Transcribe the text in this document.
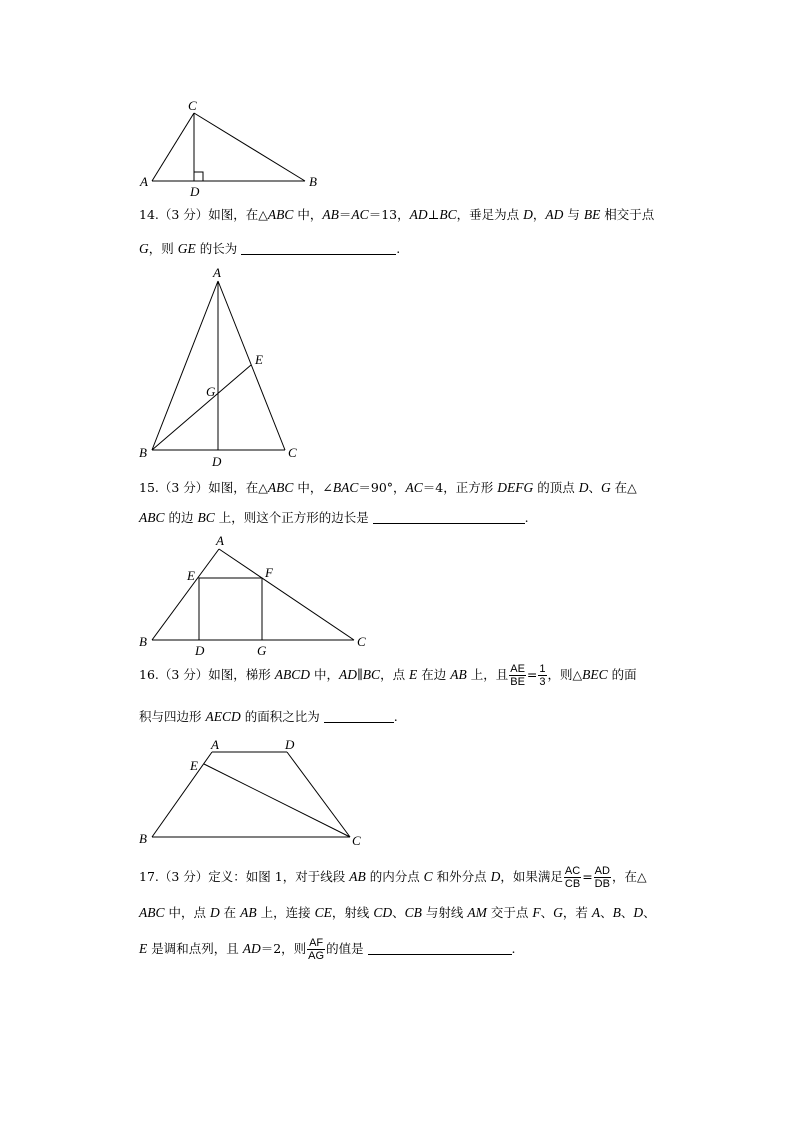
C
A
D
B
A
E
G
B
D
C
A
E	F
B
D	G
C
A	D
E
B	C
14.（3 分）如图，在△ABC 中，AB＝AC＝13，AD⊥BC，垂足为点 D，AD 与 BE 相交于点
G，则 GE 的长为	.
15.（3 分）如图，在△ABC 中，∠BAC＝90°，AC＝4，正方形 DEFG 的顶点 D、G 在△
ABC 的边 BC 上，则这个正方形的边长是	.
16.（3 分）如图，梯形 ABCD 中，AD∥BC，点 E 在边 AB 上，且 $\frac{AE}{BE} = \frac{1}{3}$ ，则△BEC 的面
积与四边形 AECD 的面积之比为	.
17.（3 分）定义：如图 1，对于线段 AB 的内分点 C 和外分点 D，如果满足 $\frac{AC}{CB} = \frac{AD}{DB}$ ，在△
ABC 中，点 D 在 AB 上，连接 CE，射线 CD、CB 与射线 AM 交于点 F、G，若 A、B、D、
E 是调和点列，且 AD＝2，则 $\frac{AF}{AG}$ 的值是	.
